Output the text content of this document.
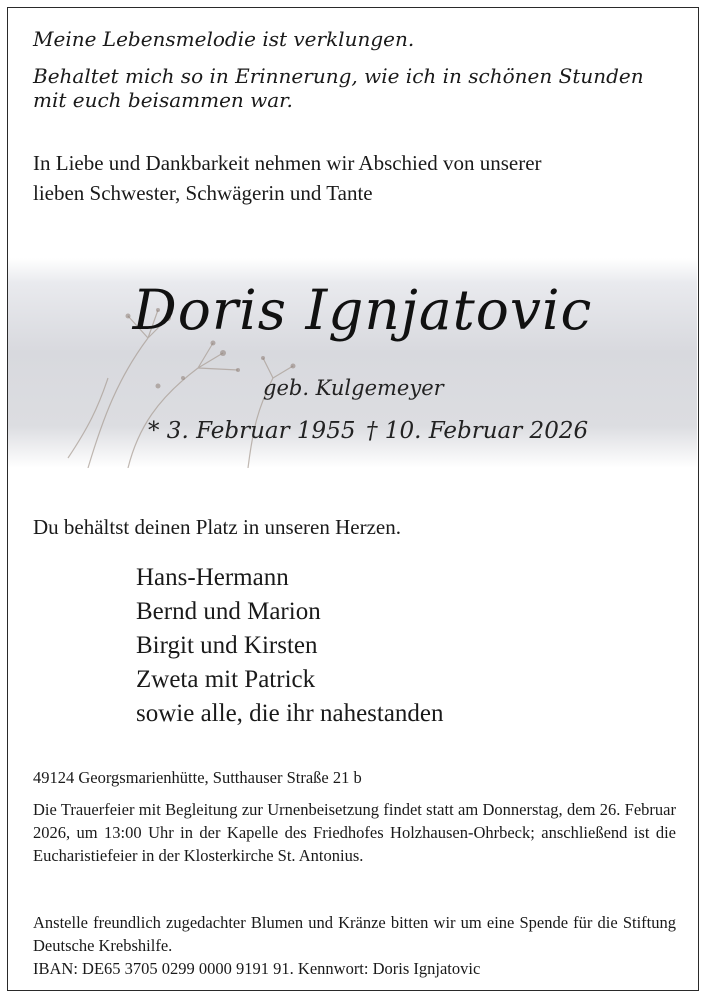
Meine Lebensmelodie ist verklungen.
Behaltet mich so in Erinnerung, wie ich in schönen Stunden
mit euch beisammen war.
In Liebe und Dankbarkeit nehmen wir Abschied von unserer
lieben Schwester, Schwägerin und Tante
Doris Ignjatovic
geb. Kulgemeyer
* 3. Februar 1955 † 10. Februar 2026
Du behältst deinen Platz in unseren Herzen.
Hans-Hermann
Bernd und Marion
Birgit und Kirsten
Zweta mit Patrick
sowie alle, die ihr nahestanden
49124 Georgsmarienhütte, Sutthauser Straße 21 b
Die Trauerfeier mit Begleitung zur Urnenbeisetzung findet statt am Donnerstag, dem 26. Februar 2026, um 13:00 Uhr in der Kapelle des Friedhofes Holzhausen-Ohrbeck; anschließend ist die Eucharistiefeier in der Klosterkirche St. Antonius.
Anstelle freundlich zugedachter Blumen und Kränze bitten wir um eine Spende für die Stiftung Deutsche Krebshilfe.
IBAN: DE65 3705 0299 0000 9191 91. Kennwort: Doris Ignjatovic
